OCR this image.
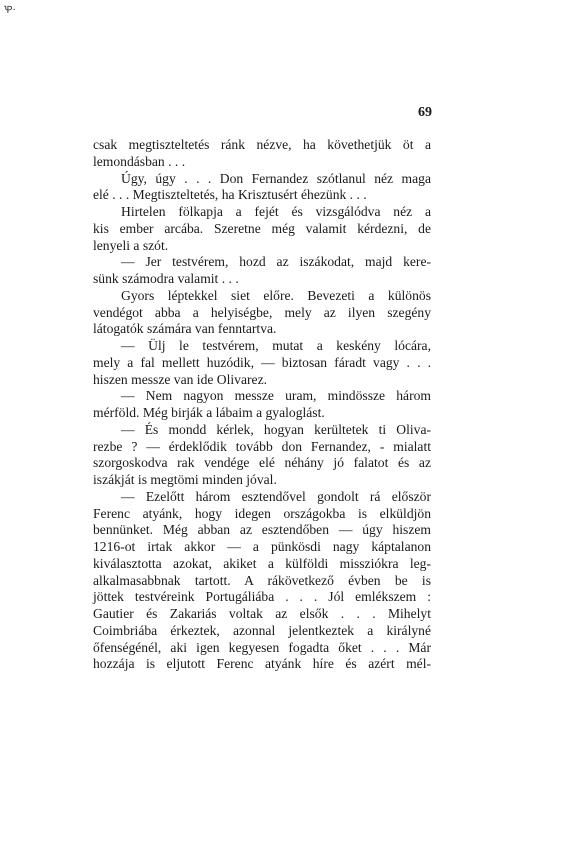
Ꝕ·
69
csak megtiszteltetés ránk nézve, ha követhetjük öt a
lemondásban . . .
Úgy, úgy . . . Don Fernandez szótlanul néz maga
elé . . . Megtiszteltetés, ha Krisztusért éhezünk . . .
Hirtelen fölkapja a fejét és vizsgálódva néz a
kis ember arcába. Szeretne még valamit kérdezni, de
lenyeli a szót.
— Jer testvérem, hozd az iszákodat, majd kere-
sünk számodra valamit . . .
Gyors léptekkel siet előre. Bevezeti a különös
vendégot abba a helyiségbe, mely az ilyen szegény
látogatók számára van fenntartva.
— Ülj le testvérem, mutat a keskény lócára,
mely a fal mellett huzódik, — biztosan fáradt vagy . . .
hiszen messze van ide Olivarez.
— Nem nagyon messze uram, mindössze három
mérföld. Még birják a lábaim a gyaloglást.
— És mondd kérlek, hogyan kerültetek ti Oliva-
rezbe ? — érdeklődik tovább don Fernandez, - mialatt
szorgoskodva rak vendége elé néhány jó falatot és az
iszákját is megtömi minden jóval.
— Ezelőtt három esztendővel gondolt rá először
Ferenc atyánk, hogy idegen országokba is elküldjön
bennünket. Még abban az esztendőben — úgy hiszem
1216-ot irtak akkor — a pünkösdi nagy káptalanon
kiválasztotta azokat, akiket a külföldi missziókra leg-
alkalmasabbnak tartott. A rákövetkező évben be is
jöttek testvéreink Portugáliába . . . Jól emlékszem :
Gautier és Zakariás voltak az elsők . . . Mihelyt
Coimbriába érkeztek, azonnal jelentkeztek a királyné
őfenségénél, aki igen kegyesen fogadta őket . . . Már
hozzája is eljutott Ferenc atyánk híre és azért mél-
